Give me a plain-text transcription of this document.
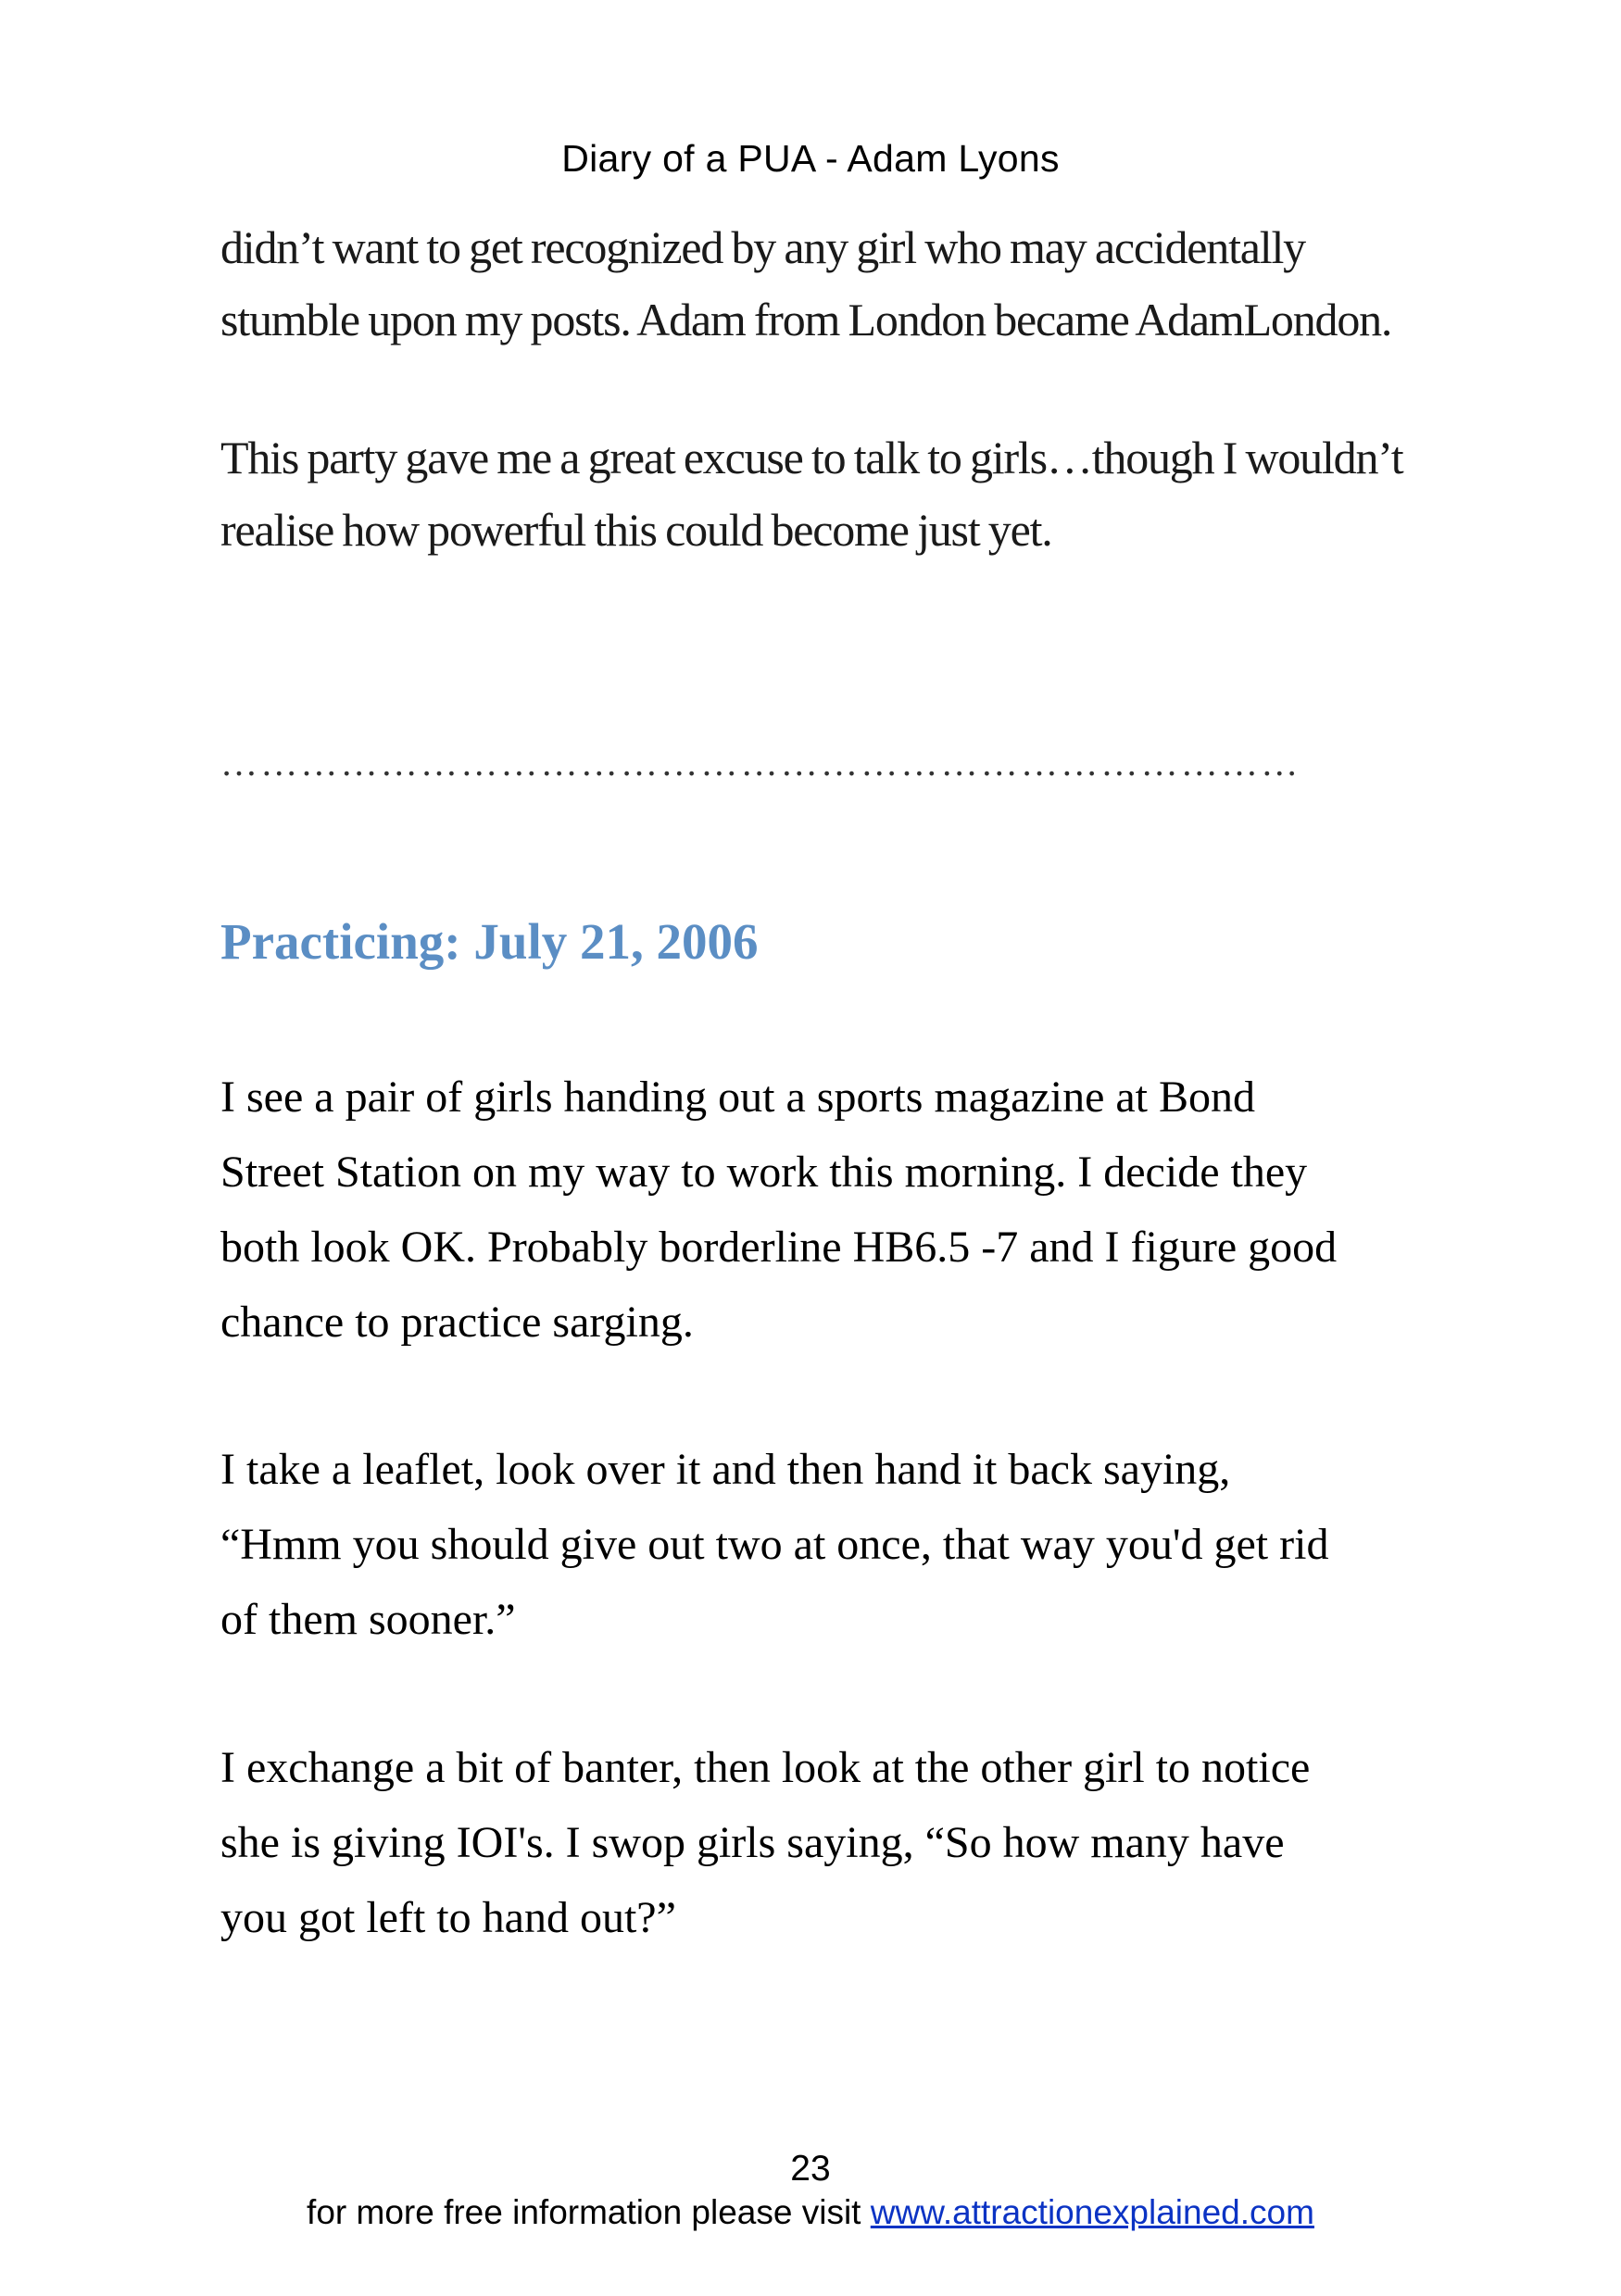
Diary of a PUA - Adam Lyons

didn’t want to get recognized by any girl who may accidentally
stumble upon my posts. Adam from London became AdamLondon.

This party gave me a great excuse to talk to girls…though I wouldn’t
realise how powerful this could become just yet.

………………………………………………………………………
Practicing: July 21, 2006

I see a pair of girls handing out a sports magazine at Bond
Street Station on my way to work this morning. I decide they
both look OK. Probably borderline HB6.5 -7 and I figure good
chance to practice sarging.

I take a leaflet, look over it and then hand it back saying,
“Hmm you should give out two at once, that way you'd get rid
of them sooner.”

I exchange a bit of banter, then look at the other girl to notice
she is giving IOI's. I swop girls saying, “So how many have
you got left to hand out?”

23
for more free information please visit www.attractionexplained.com
